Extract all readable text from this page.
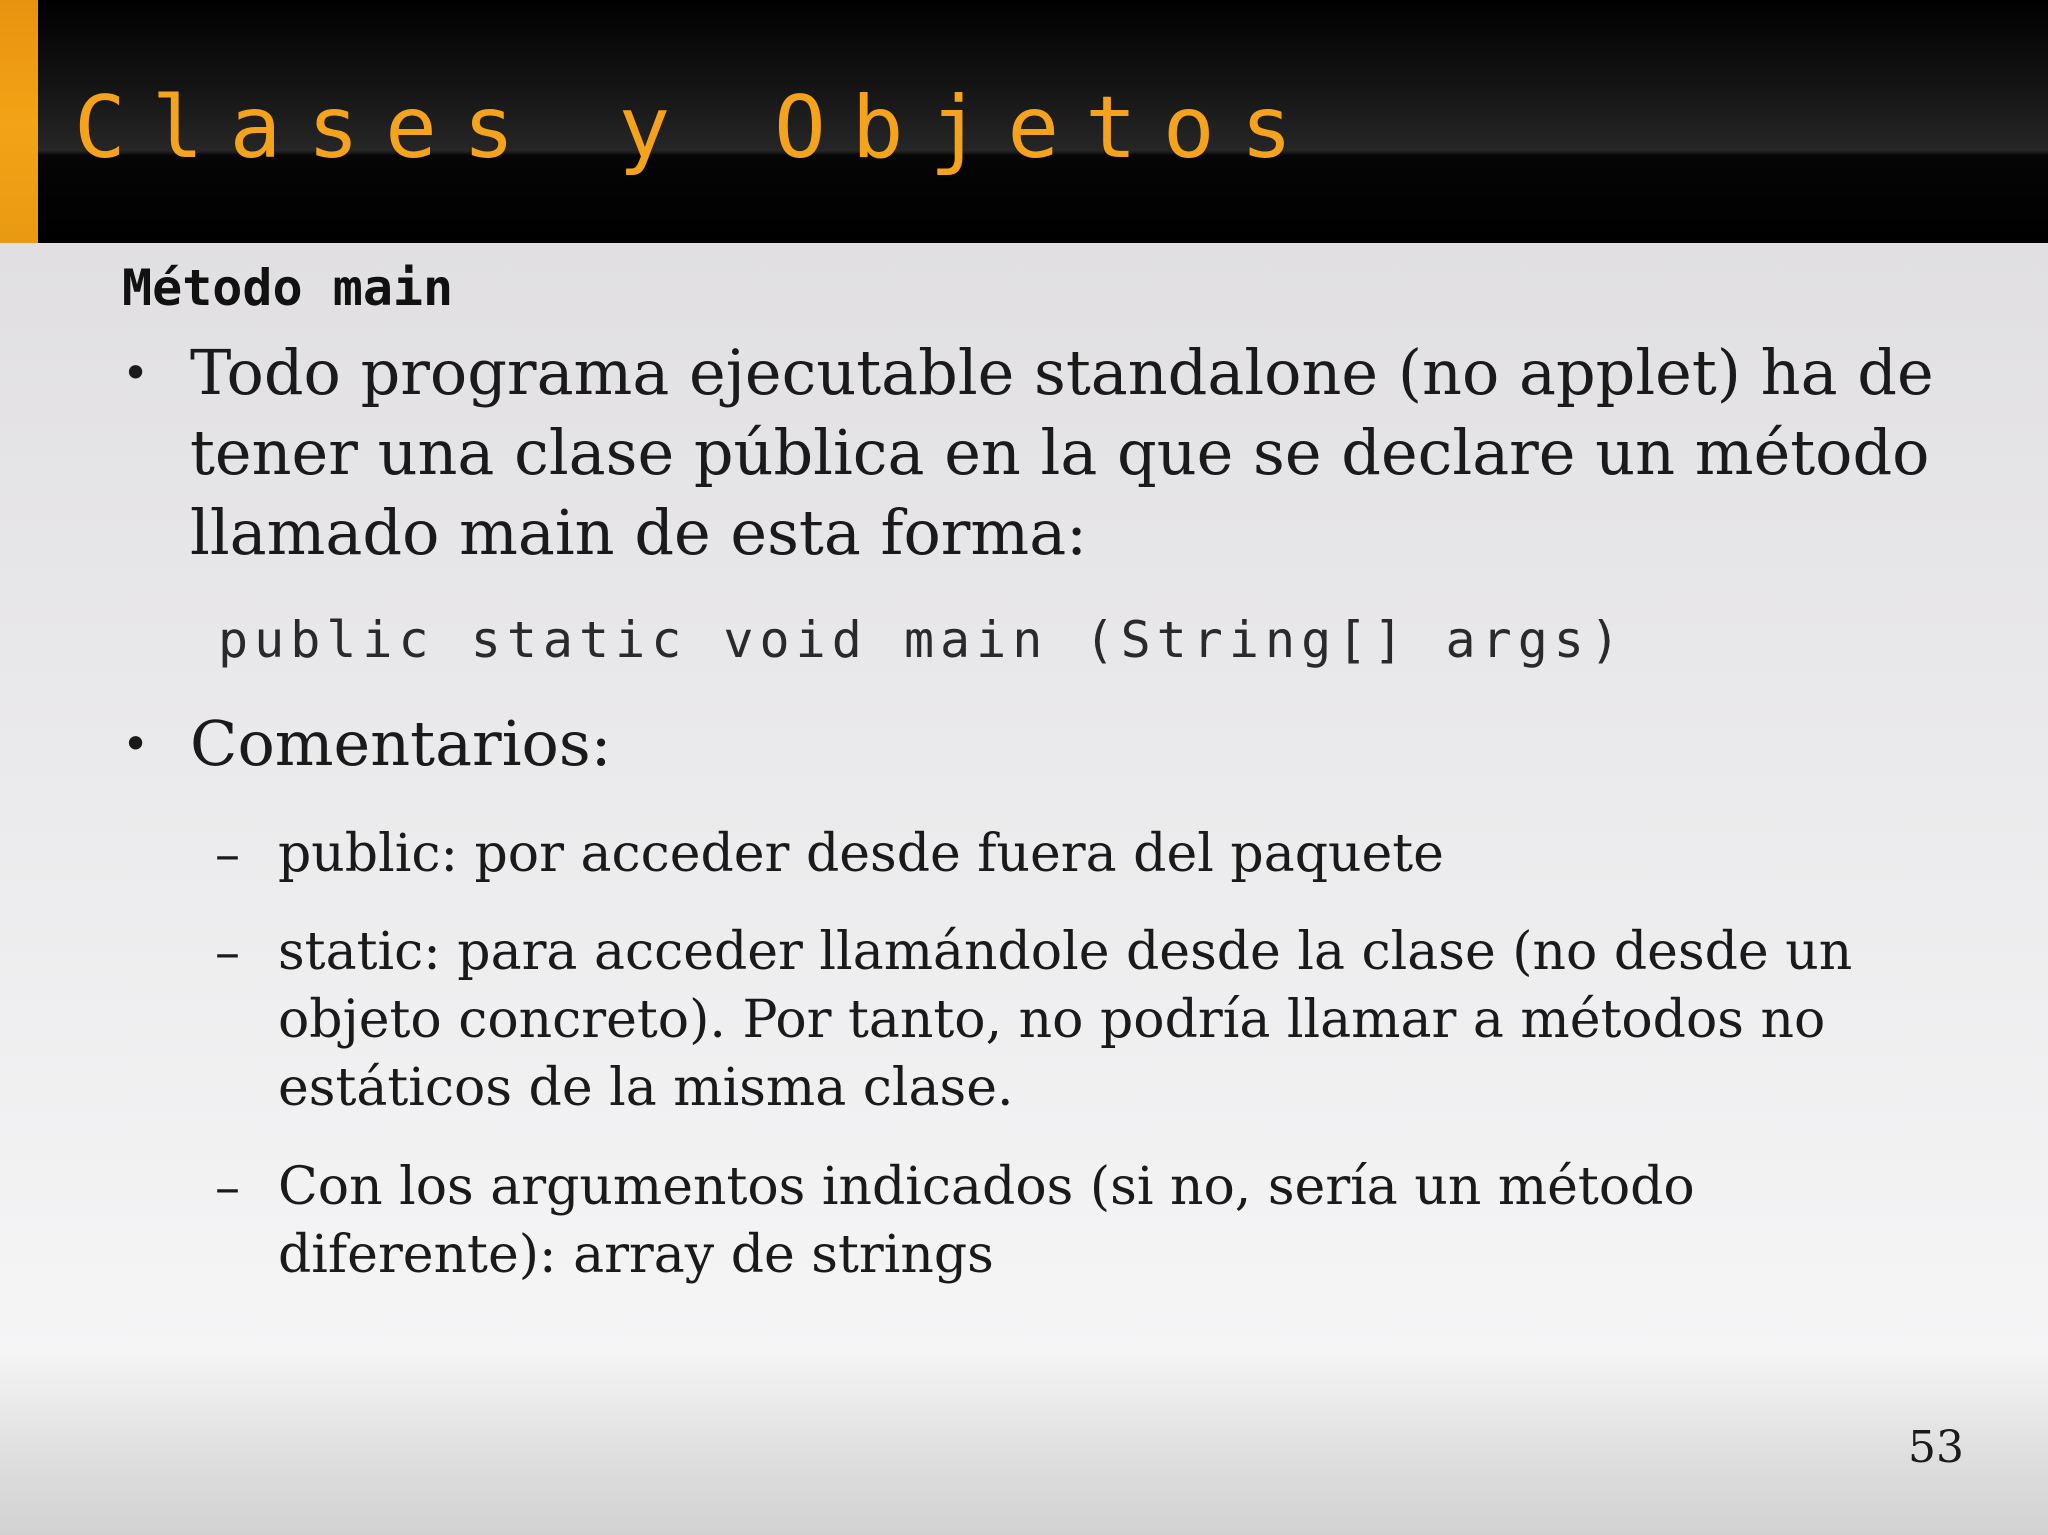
Clases y Objetos
Método main
• Todo programa ejecutable standalone (no applet) ha de tener una clase pública en la que se declare un método llamado main de esta forma:
public static void main (String[] args)
• Comentarios:
– public: por acceder desde fuera del paquete
– static: para acceder llamándole desde la clase (no desde un objeto concreto). Por tanto, no podría llamar a métodos no estáticos de la misma clase.
– Con los argumentos indicados (si no, sería un método diferente): array de strings
53
